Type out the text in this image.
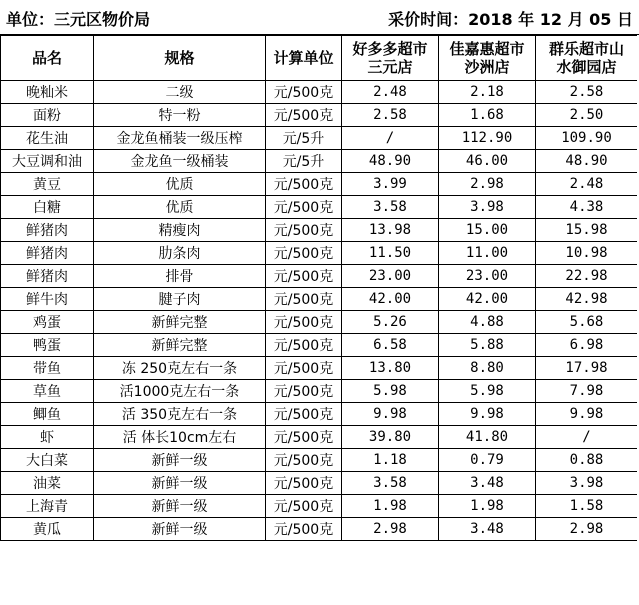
单位：三元区物价局	采价时间：2018 年 12 月 05 日
品名	规格	计算单位	好多多超市三元店	佳嘉惠超市沙洲店	群乐超市山水御园店

晚籼米	二级	元/500克	2.48	2.18	2.58
面粉	特一粉	元/500克	2.58	1.68	2.50
花生油	金龙鱼桶装一级压榨	元/5升	/	112.90	109.90
大豆调和油	金龙鱼一级桶装	元/5升	48.90	46.00	48.90
黄豆	优质	元/500克	3.99	2.98	2.48
白糖	优质	元/500克	3.58	3.98	4.38
鲜猪肉	精瘦肉	元/500克	13.98	15.00	15.98
鲜猪肉	肋条肉	元/500克	11.50	11.00	10.98
鲜猪肉	排骨	元/500克	23.00	23.00	22.98
鲜牛肉	腱子肉	元/500克	42.00	42.00	42.98
鸡蛋	新鲜完整	元/500克	5.26	4.88	5.68
鸭蛋	新鲜完整	元/500克	6.58	5.88	6.98
带鱼	冻 250克左右一条	元/500克	13.80	8.80	17.98
草鱼	活1000克左右一条	元/500克	5.98	5.98	7.98
鲫鱼	活 350克左右一条	元/500克	9.98	9.98	9.98
虾	活 体长10cm左右	元/500克	39.80	41.80	/
大白菜	新鲜一级	元/500克	1.18	0.79	0.88
油菜	新鲜一级	元/500克	3.58	3.48	3.98
上海青	新鲜一级	元/500克	1.98	1.98	1.58
黄瓜	新鲜一级	元/500克	2.98	3.48	2.98
